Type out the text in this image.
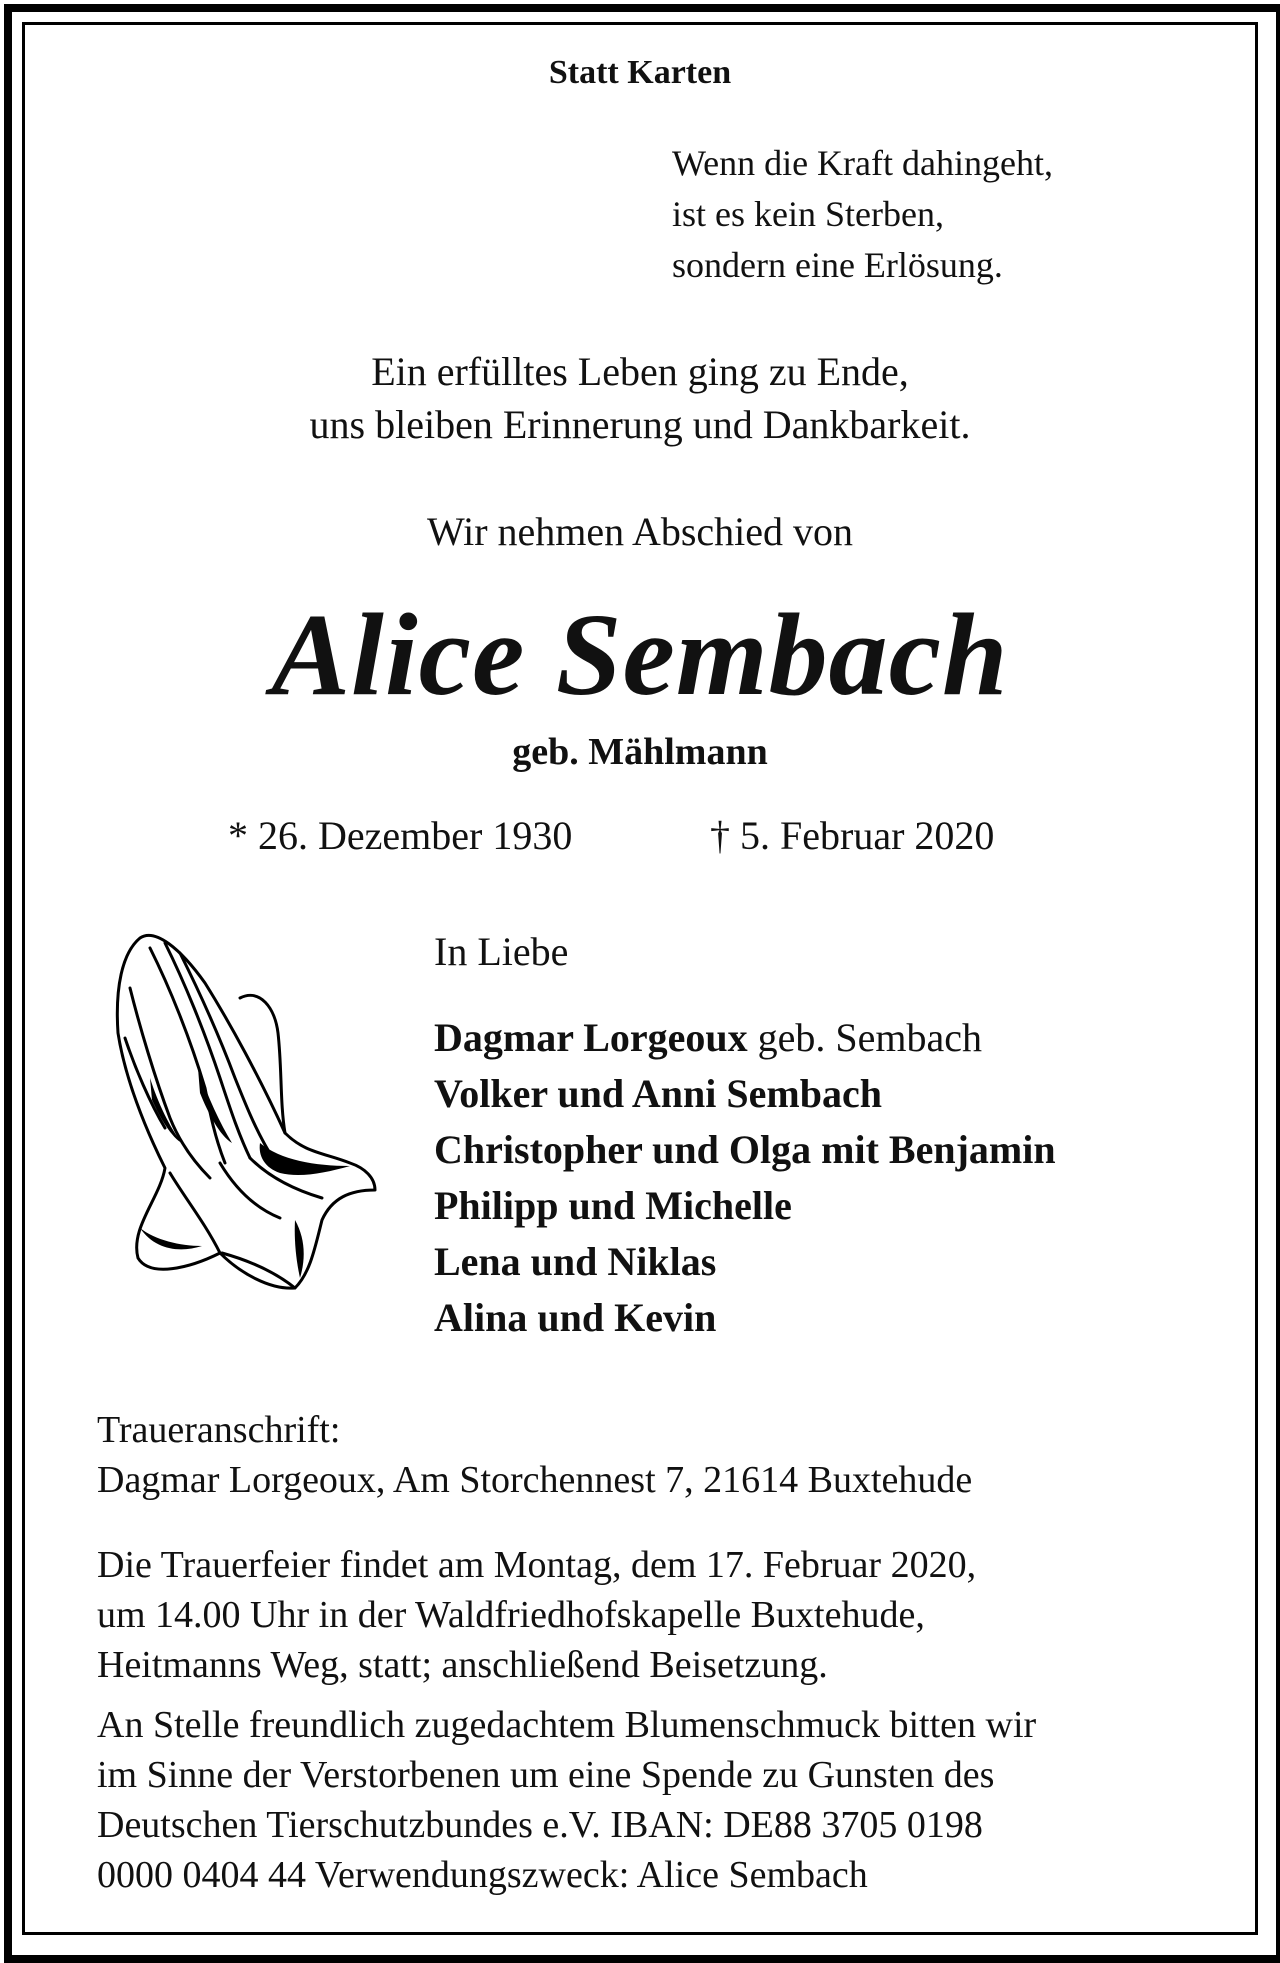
Statt Karten
Wenn die Kraft dahingeht,
ist es kein Sterben,
sondern eine Erlösung.
Ein erfülltes Leben ging zu Ende,
uns bleiben Erinnerung und Dankbarkeit.
Wir nehmen Abschied von
Alice Sembach
geb. Mählmann
* 26. Dezember 1930	† 5. Februar 2020
In Liebe
Dagmar Lorgeoux geb. Sembach
Volker und Anni Sembach
Christopher und Olga mit Benjamin
Philipp und Michelle
Lena und Niklas
Alina und Kevin
Traueranschrift:
Dagmar Lorgeoux, Am Storchennest 7, 21614 Buxtehude
Die Trauerfeier findet am Montag, dem 17. Februar 2020,
um 14.00 Uhr in der Waldfriedhofskapelle Buxtehude,
Heitmanns Weg, statt; anschließend Beisetzung.
An Stelle freundlich zugedachtem Blumenschmuck bitten wir
im Sinne der Verstorbenen um eine Spende zu Gunsten des
Deutschen Tierschutzbundes e.V. IBAN: DE88 3705 0198
0000 0404 44 Verwendungszweck: Alice Sembach
